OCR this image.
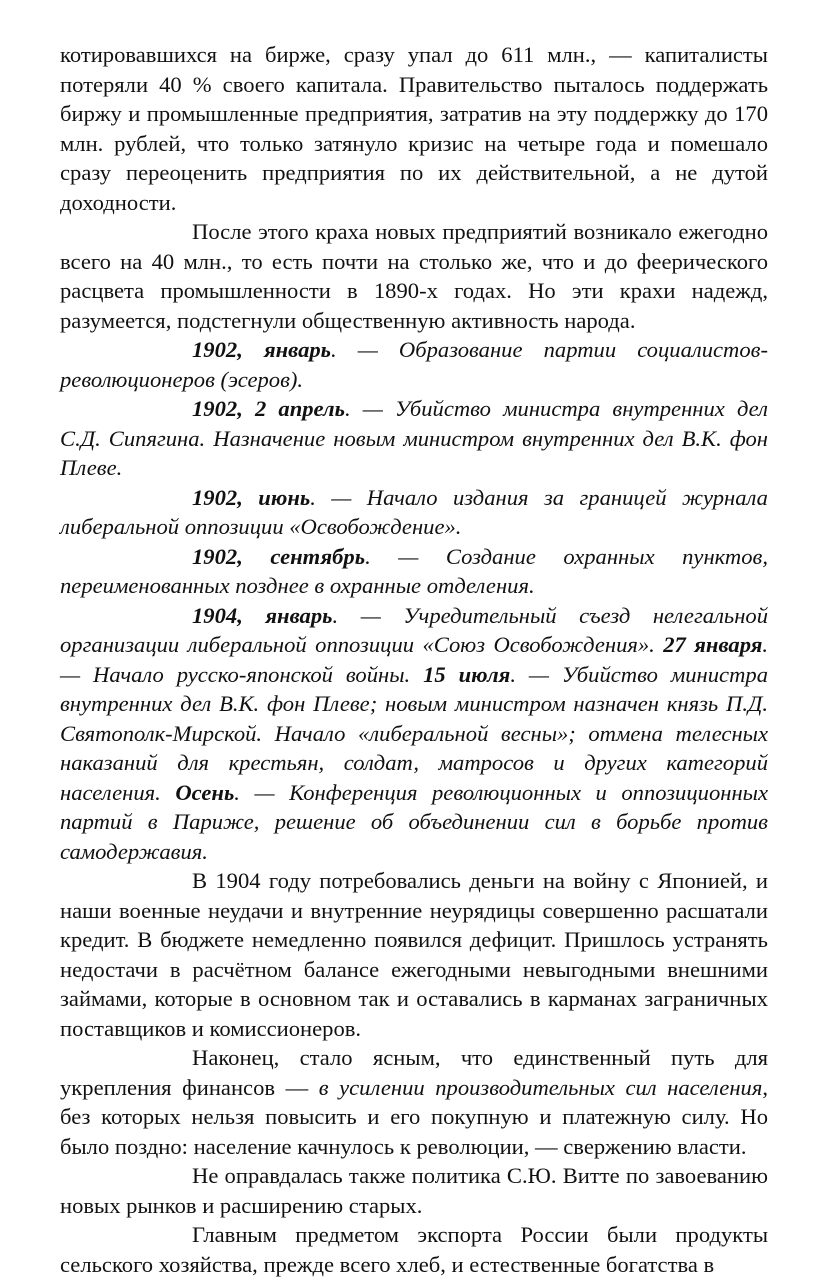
котировавшихся на бирже, сразу упал до 611 млн., — капиталисты потеряли 40 % своего капитала. Правительство пыталось поддержать биржу и промышленные предприятия, затратив на эту поддержку до 170 млн. рублей, что только затянуло кризис на четыре года и помешало сразу переоценить предприятия по их действительной, а не дутой доходности.

После этого краха новых предприятий возникало ежегодно всего на 40 млн., то есть почти на столько же, что и до феерического расцвета промышленности в 1890-х годах. Но эти крахи надежд, разумеется, подстегнули общественную активность народа.

1902, январь. — Образование партии социалистов-революционеров (эсеров).

1902, 2 апрель. — Убийство министра внутренних дел С.Д. Сипягина. Назначение новым министром внутренних дел В.К. фон Плеве.

1902, июнь. — Начало издания за границей журнала либеральной оппозиции «Освобождение».

1902, сентябрь. — Создание охранных пунктов, переименованных позднее в охранные отделения.

1904, январь. — Учредительный съезд нелегальной организации либеральной оппозиции «Союз Освобождения». 27 января. — Начало русско-японской войны. 15 июля. — Убийство министра внутренних дел В.К. фон Плеве; новым министром назначен князь П.Д. Святополк-Мирской. Начало «либеральной весны»; отмена телесных наказаний для крестьян, солдат, матросов и других категорий населения. Осень. — Конференция революционных и оппозиционных партий в Париже, решение об объединении сил в борьбе против самодержавия.

В 1904 году потребовались деньги на войну с Японией, и наши военные неудачи и внутренние неурядицы совершенно расшатали кредит. В бюджете немедленно появился дефицит. Пришлось устранять недостачи в расчётном балансе ежегодными невыгодными внешними займами, которые в основном так и оставались в карманах заграничных поставщиков и комиссионеров.

Наконец, стало ясным, что единственный путь для укрепления финансов — в усилении производительных сил населения, без которых нельзя повысить и его покупную и платежную силу. Но было поздно: население качнулось к революции, — свержению власти.

Не оправдалась также политика С.Ю. Витте по завоеванию новых рынков и расширению старых.

Главным предметом экспорта России были продукты сельского хозяйства, прежде всего хлеб, и естественные богатства в
